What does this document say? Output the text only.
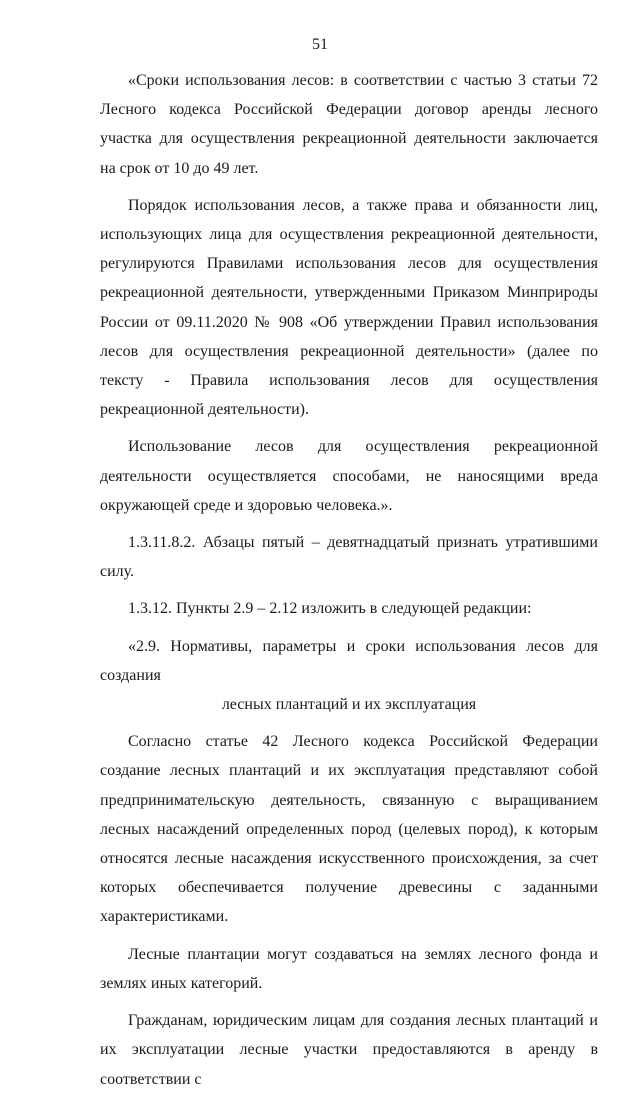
51

«Сроки использования лесов: в соответствии с частью 3 статьи 72 Лесного кодекса Российской Федерации договор аренды лесного участка для осуществления рекреационной деятельности заключается на срок от 10 до 49 лет.

Порядок использования лесов, а также права и обязанности лиц, использующих лица для осуществления рекреационной деятельности, регулируются Правилами использования лесов для осуществления рекреационной деятельности, утвержденными Приказом Минприроды России от 09.11.2020 № 908 «Об утверждении Правил использования лесов для осуществления рекреационной деятельности» (далее по тексту - Правила использования лесов для осуществления рекреационной деятельности).

Использование лесов для осуществления рекреационной деятельности осуществляется способами, не наносящими вреда окружающей среде и здоровью человека.».

1.3.11.8.2. Абзацы пятый – девятнадцатый признать утратившими силу.

1.3.12. Пункты 2.9 – 2.12 изложить в следующей редакции:

«2.9. Нормативы, параметры и сроки использования лесов для создания

лесных плантаций и их эксплуатация

Согласно статье 42 Лесного кодекса Российской Федерации создание лесных плантаций и их эксплуатация представляют собой предпринимательскую деятельность, связанную с выращиванием лесных насаждений определенных пород (целевых пород), к которым относятся лесные насаждения искусственного происхождения, за счет которых обеспечивается получение древесины с заданными характеристиками.

Лесные плантации могут создаваться на землях лесного фонда и землях иных категорий.

Гражданам, юридическим лицам для создания лесных плантаций и их эксплуатации лесные участки предоставляются в аренду в соответствии с
